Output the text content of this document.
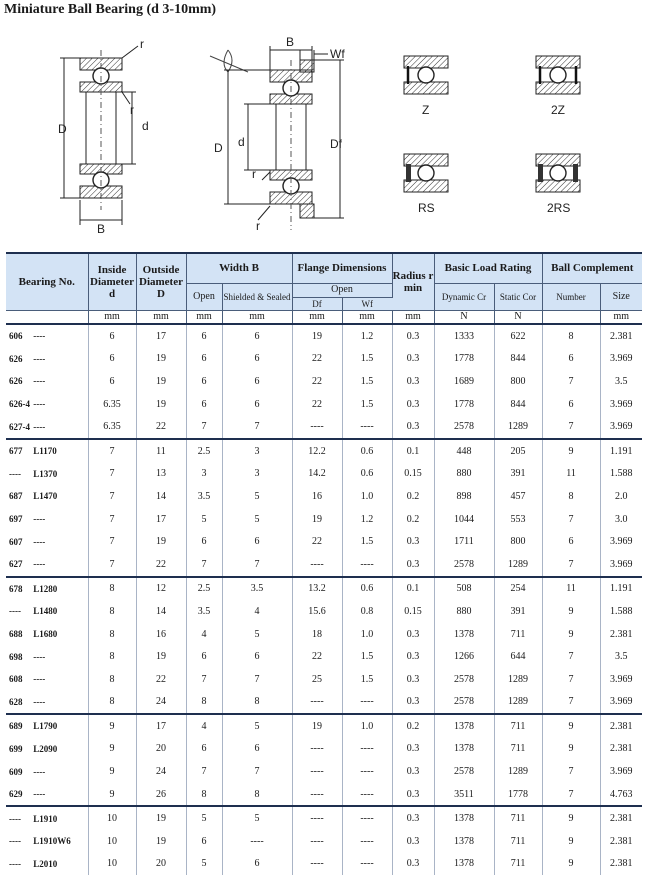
Miniature Ball Bearing (d 3-10mm)
r
r
D	d
B
B
Wf
D d	Df
r
r
Z	2Z
RS	2RS
Bearing No.	Inside Diameter d	Outside Diameter D	Width B		Flange Dimensions		Radius r min	Basic Load Rating		Ball Complement	
			Open	Shielded & Sealed	Open			Dynamic Cr	Static Cor	Number	Size
					Df	Wf					
	mm	mm	mm	mm	mm	mm	mm	N	N		mm
606 ----	6	17	6	6	19	1.2	0.3	1333	622	8	2.381
626 ----	6	19	6	6	22	1.5	0.3	1778	844	6	3.969
626 ----	6	19	6	6	22	1.5	0.3	1689	800	7	3.5
626-4 ----	6.35	19	6	6	22	1.5	0.3	1778	844	6	3.969
627-4 ----	6.35	22	7	7	----	----	0.3	2578	1289	7	3.969
677 L1170	7	11	2.5	3	12.2	0.6	0.1	448	205	9	1.191
---- L1370	7	13	3	3	14.2	0.6	0.15	880	391	11	1.588
687 L1470	7	14	3.5	5	16	1.0	0.2	898	457	8	2.0
697 ----	7	17	5	5	19	1.2	0.2	1044	553	7	3.0
607 ----	7	19	6	6	22	1.5	0.3	1711	800	6	3.969
627 ----	7	22	7	7	----	----	0.3	2578	1289	7	3.969
678 L1280	8	12	2.5	3.5	13.2	0.6	0.1	508	254	11	1.191
---- L1480	8	14	3.5	4	15.6	0.8	0.15	880	391	9	1.588
688 L1680	8	16	4	5	18	1.0	0.3	1378	711	9	2.381
698 ----	8	19	6	6	22	1.5	0.3	1266	644	7	3.5
608 ----	8	22	7	7	25	1.5	0.3	2578	1289	7	3.969
628 ----	8	24	8	8	----	----	0.3	2578	1289	7	3.969
689 L1790	9	17	4	5	19	1.0	0.2	1378	711	9	2.381
699 L2090	9	20	6	6	----	----	0.3	1378	711	9	2.381
609 ----	9	24	7	7	----	----	0.3	2578	1289	7	3.969
629 ----	9	26	8	8	----	----	0.3	3511	1778	7	4.763
---- L1910	10	19	5	5	----	----	0.3	1378	711	9	2.381
---- L1910W6	10	19	6	----	----	----	0.3	1378	711	9	2.381
---- L2010	10	20	5	6	----	----	0.3	1378	711	9	2.381
